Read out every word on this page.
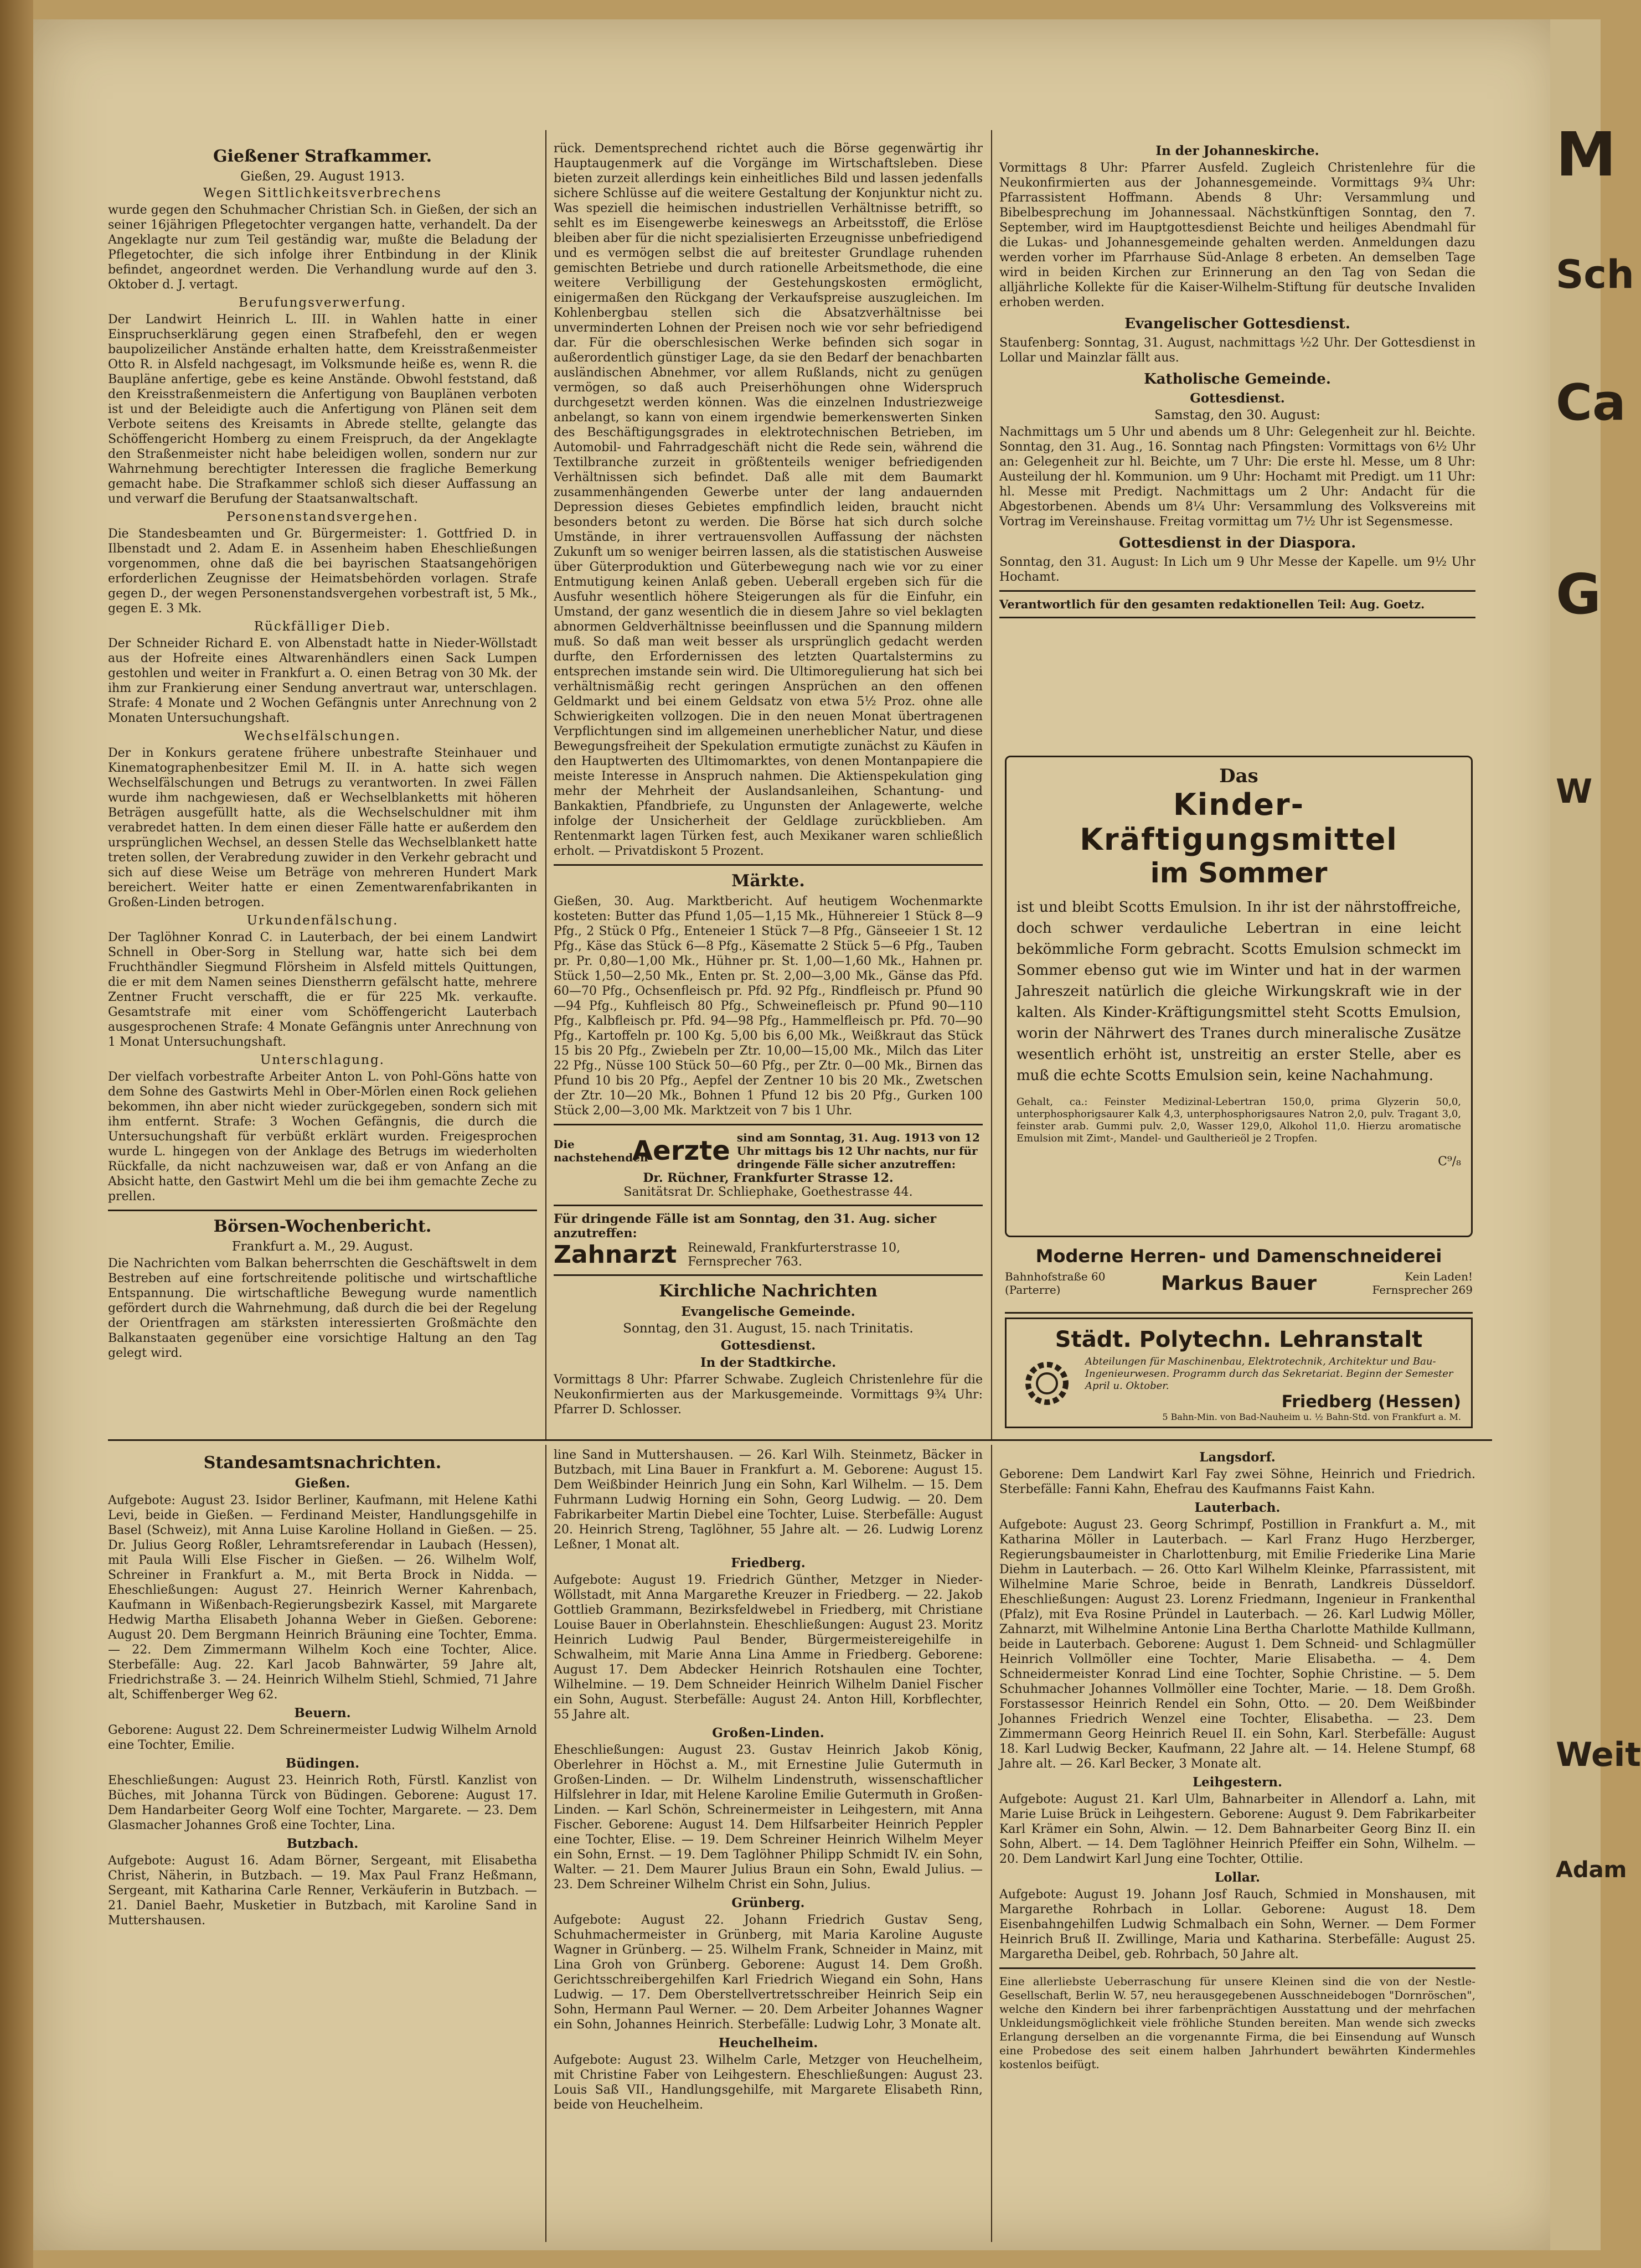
Gießener Strafkammer.
Gießen, 29. August 1913.
Wegen Sittlichkeitsverbrechens

wurde gegen den Schuhmacher Christian Sch. in Gießen, der sich an seiner 16jährigen Pflegetochter vergangen hatte, verhandelt. Da der Angeklagte nur zum Teil geständig war, mußte die Beladung der Pflegetochter, die sich infolge ihrer Entbindung in der Klinik befindet, angeordnet werden. Die Verhandlung wurde auf den 3. Oktober d. J. vertagt.

Berufungsverwerfung.

Der Landwirt Heinrich L. III. in Wahlen hatte in einer Einspruchserklärung gegen einen Strafbefehl, den er wegen baupolizeilicher Anstände erhalten hatte, dem Kreisstraßenmeister Otto R. in Alsfeld nachgesagt, im Volksmunde heiße es, wenn R. die Baupläne anfertige, gebe es keine Anstände. Obwohl feststand, daß den Kreisstraßenmeistern die Anfertigung von Bauplänen verboten ist und der Beleidigte auch die Anfertigung von Plänen seit dem Verbote seitens des Kreisamts in Abrede stellte, gelangte das Schöffengericht Homberg zu einem Freispruch, da der Angeklagte den Straßenmeister nicht habe beleidigen wollen, sondern nur zur Wahrnehmung berechtigter Interessen die fragliche Bemerkung gemacht habe. Die Strafkammer schloß sich dieser Auffassung an und verwarf die Berufung der Staatsanwaltschaft.

Personenstandsvergehen.

Die Standesbeamten und Gr. Bürgermeister: 1. Gottfried D. in Ilbenstadt und 2. Adam E. in Assenheim haben Eheschließungen vorgenommen, ohne daß die bei bayrischen Staatsangehörigen erforderlichen Zeugnisse der Heimatsbehörden vorlagen. Strafe gegen D., der wegen Personenstandsvergehen vorbestraft ist, 5 Mk., gegen E. 3 Mk.

Rückfälliger Dieb.

Der Schneider Richard E. von Albenstadt hatte in Nieder-Wöllstadt aus der Hofreite eines Altwarenhändlers einen Sack Lumpen gestohlen und weiter in Frankfurt a. O. einen Betrag von 30 Mk. der ihm zur Frankierung einer Sendung anvertraut war, unterschlagen. Strafe: 4 Monate und 2 Wochen Gefängnis unter Anrechnung von 2 Monaten Untersuchungshaft.

Wechselfälschungen.

Der in Konkurs geratene frühere unbestrafte Steinhauer und Kinematographenbesitzer Emil M. II. in A. hatte sich wegen Wechselfälschungen und Betrugs zu verantworten. In zwei Fällen wurde ihm nachgewiesen, daß er Wechselblanketts mit höheren Beträgen ausgefüllt hatte, als die Wechselschuldner mit ihm verabredet hatten. In dem einen dieser Fälle hatte er außerdem den ursprünglichen Wechsel, an dessen Stelle das Wechselblankett hatte treten sollen, der Verabredung zuwider in den Verkehr gebracht und sich auf diese Weise um Beträge von mehreren Hundert Mark bereichert. Weiter hatte er einen Zementwarenfabrikanten in Großen-Linden betrogen.

Urkundenfälschung.

Der Taglöhner Konrad C. in Lauterbach, der bei einem Landwirt Schnell in Ober-Sorg in Stellung war, hatte sich bei dem Fruchthändler Siegmund Flörsheim in Alsfeld mittels Quittungen, die er mit dem Namen seines Dienstherrn gefälscht hatte, mehrere Zentner Frucht verschafft, die er für 225 Mk. verkaufte. Gesamtstrafe mit einer vom Schöffengericht Lauterbach ausgesprochenen Strafe: 4 Monate Gefängnis unter Anrechnung von 1 Monat Untersuchungshaft.

Unterschlagung.

Der vielfach vorbestrafte Arbeiter Anton L. von Pohl-Göns hatte von dem Sohne des Gastwirts Mehl in Ober-Mörlen einen Rock geliehen bekommen, ihn aber nicht wieder zurückgegeben, sondern sich mit ihm entfernt. Strafe: 3 Wochen Gefängnis, die durch die Untersuchungshaft für verbüßt erklärt wurden. Freigesprochen wurde L. hingegen von der Anklage des Betrugs im wiederholten Rückfalle, da nicht nachzuweisen war, daß er von Anfang an die Absicht hatte, den Gastwirt Mehl um die bei ihm gemachte Zeche zu prellen.

Börsen-Wochenbericht.
Frankfurt a. M., 29. August.

Die Nachrichten vom Balkan beherrschten die Geschäftswelt in dem Bestreben auf eine fortschreitende politische und wirtschaftliche Entspannung. Die wirtschaftliche Bewegung wurde namentlich gefördert durch die Wahrnehmung, daß durch die bei der Regelung der Orientfragen am stärksten interessierten Großmächte den Balkanstaaten gegenüber eine vorsichtige Haltung an den Tag gelegt wird.

rück. Dementsprechend richtet auch die Börse gegenwärtig ihr Hauptaugenmerk auf die Vorgänge im Wirtschaftsleben. Diese bieten zurzeit allerdings kein einheitliches Bild und lassen jedenfalls sichere Schlüsse auf die weitere Gestaltung der Konjunktur nicht zu. Was speziell die heimischen industriellen Verhältnisse betrifft, so sehlt es im Eisengewerbe keineswegs an Arbeitsstoff, die Erlöse bleiben aber für die nicht spezialisierten Erzeugnisse unbefriedigend und es vermögen selbst die auf breitester Grundlage ruhenden gemischten Betriebe und durch rationelle Arbeitsmethode, die eine weitere Verbilligung der Gestehungskosten ermöglicht, einigermaßen den Rückgang der Verkaufspreise auszugleichen. Im Kohlenbergbau stellen sich die Absatzverhältnisse bei unverminderten Lohnen der Preisen noch wie vor sehr befriedigend dar. Für die oberschlesischen Werke befinden sich sogar in außerordentlich günstiger Lage, da sie den Bedarf der benachbarten ausländischen Abnehmer, vor allem Rußlands, nicht zu genügen vermögen, so daß auch Preiserhöhungen ohne Widerspruch durchgesetzt werden können. Was die einzelnen Industriezweige anbelangt, so kann von einem irgendwie bemerkenswerten Sinken des Beschäftigungsgrades in elektrotechnischen Betrieben, im Automobil- und Fahrradgeschäft nicht die Rede sein, während die Textilbranche zurzeit in größtenteils weniger befriedigenden Verhältnissen sich befindet. Daß alle mit dem Baumarkt zusammenhängenden Gewerbe unter der lang andauernden Depression dieses Gebietes empfindlich leiden, braucht nicht besonders betont zu werden. Die Börse hat sich durch solche Umstände, in ihrer vertrauensvollen Auffassung der nächsten Zukunft um so weniger beirren lassen, als die statistischen Ausweise über Güterproduktion und Güterbewegung nach wie vor zu einer Entmutigung keinen Anlaß geben. Ueberall ergeben sich für die Ausfuhr wesentlich höhere Steigerungen als für die Einfuhr, ein Umstand, der ganz wesentlich die in diesem Jahre so viel beklagten abnormen Geldverhältnisse beeinflussen und die Spannung mildern muß. So daß man weit besser als ursprünglich gedacht werden durfte, den Erfordernissen des letzten Quartalstermins zu entsprechen imstande sein wird. Die Ultimoregulierung hat sich bei verhältnismäßig recht geringen Ansprüchen an den offenen Geldmarkt und bei einem Geldsatz von etwa 5½ Proz. ohne alle Schwierigkeiten vollzogen. Die in den neuen Monat übertragenen Verpflichtungen sind im allgemeinen unerheblicher Natur, und diese Bewegungsfreiheit der Spekulation ermutigte zunächst zu Käufen in den Hauptwerten des Ultimomarktes, von denen Montanpapiere die meiste Interesse in Anspruch nahmen. Die Aktienspekulation ging mehr der Mehrheit der Auslandsanleihen, Schantung- und Bankaktien, Pfandbriefe, zu Ungunsten der Anlagewerte, welche infolge der Unsicherheit der Geldlage zurückblieben. Am Rentenmarkt lagen Türken fest, auch Mexikaner waren schließlich erholt. — Privatdiskont 5 Prozent.

Märkte.

Gießen, 30. Aug. Marktbericht. Auf heutigem Wochenmarkte kosteten: Butter das Pfund 1,05—1,15 Mk., Hühnereier 1 Stück 8—9 Pfg., 2 Stück 0 Pfg., Enteneier 1 Stück 7—8 Pfg., Gänseeier 1 St. 12 Pfg., Käse das Stück 6—8 Pfg., Käsematte 2 Stück 5—6 Pfg., Tauben pr. Pr. 0,80—1,00 Mk., Hühner pr. St. 1,00—1,60 Mk., Hahnen pr. Stück 1,50—2,50 Mk., Enten pr. St. 2,00—3,00 Mk., Gänse das Pfd. 60—70 Pfg., Ochsenfleisch pr. Pfd. 92 Pfg., Rindfleisch pr. Pfund 90—94 Pfg., Kuhfleisch 80 Pfg., Schweinefleisch pr. Pfund 90—110 Pfg., Kalbfleisch pr. Pfd. 94—98 Pfg., Hammelfleisch pr. Pfd. 70—90 Pfg., Kartoffeln pr. 100 Kg. 5,00 bis 6,00 Mk., Weißkraut das Stück 15 bis 20 Pfg., Zwiebeln per Ztr. 10,00—15,00 Mk., Milch das Liter 22 Pfg., Nüsse 100 Stück 50—60 Pfg., per Ztr. 0—00 Mk., Birnen das Pfund 10 bis 20 Pfg., Aepfel der Zentner 10 bis 20 Mk., Zwetschen der Ztr. 10—20 Mk., Bohnen 1 Pfund 12 bis 20 Pfg., Gurken 100 Stück 2,00—3,00 Mk. Marktzeit von 7 bis 1 Uhr.

Die nachstehenden
Aerzte sind am Sonntag, 31. Aug. 1913 von 12 Uhr mittags bis 12 Uhr nachts, nur für dringende Fälle sicher anzutreffen:
Dr. Rüchner, Frankfurter Strasse 12.
Sanitätsrat Dr. Schliephake, Goethestrasse 44.
Für dringende Fälle ist am Sonntag, den 31. Aug. sicher anzutreffen:
Zahnarzt Reinewald, Frankfurterstrasse 10, Fernsprecher 763.
Kirchliche Nachrichten
Evangelische Gemeinde.
Sonntag, den 31. August, 15. nach Trinitatis.
Gottesdienst.
In der Stadtkirche.

Vormittags 8 Uhr: Pfarrer Schwabe. Zugleich Christenlehre für die Neukonfirmierten aus der Markusgemeinde. Vormittags 9¾ Uhr: Pfarrer D. Schlosser.

In der Johanneskirche.

Vormittags 8 Uhr: Pfarrer Ausfeld. Zugleich Christenlehre für die Neukonfirmierten aus der Johannesgemeinde. Vormittags 9¾ Uhr: Pfarrassistent Hoffmann. Abends 8 Uhr: Versammlung und Bibelbesprechung im Johannessaal. Nächstkünftigen Sonntag, den 7. September, wird im Hauptgottesdienst Beichte und heiliges Abendmahl für die Lukas- und Johannesgemeinde gehalten werden. Anmeldungen dazu werden vorher im Pfarrhause Süd-Anlage 8 erbeten. An demselben Tage wird in beiden Kirchen zur Erinnerung an den Tag von Sedan die alljährliche Kollekte für die Kaiser-Wilhelm-Stiftung für deutsche Invaliden erhoben werden.

Evangelischer Gottesdienst.

Staufenberg: Sonntag, 31. August, nachmittags ½2 Uhr. Der Gottesdienst in Lollar und Mainzlar fällt aus.

Katholische Gemeinde.
Gottesdienst.
Samstag, den 30. August:

Nachmittags um 5 Uhr und abends um 8 Uhr: Gelegenheit zur hl. Beichte. Sonntag, den 31. Aug., 16. Sonntag nach Pfingsten: Vormittags von 6½ Uhr an: Gelegenheit zur hl. Beichte, um 7 Uhr: Die erste hl. Messe, um 8 Uhr: Austeilung der hl. Kommunion. um 9 Uhr: Hochamt mit Predigt. um 11 Uhr: hl. Messe mit Predigt. Nachmittags um 2 Uhr: Andacht für die Abgestorbenen. Abends um 8¼ Uhr: Versammlung des Volksvereins mit Vortrag im Vereinshause. Freitag vormittag um 7½ Uhr ist Segensmesse.

Gottesdienst in der Diaspora.

Sonntag, den 31. August: In Lich um 9 Uhr Messe der Kapelle. um 9½ Uhr Hochamt.

Verantwortlich für den gesamten redaktionellen Teil: Aug. Goetz.
Das
Kinder-Kräftigungsmittel
im Sommer

ist und bleibt Scotts Emulsion. In ihr ist der nährstoffreiche, doch schwer verdauliche Lebertran in eine leicht bekömmliche Form gebracht. Scotts Emulsion schmeckt im Sommer ebenso gut wie im Winter und hat in der warmen Jahreszeit natürlich die gleiche Wirkungskraft wie in der kalten. Als Kinder-Kräftigungsmittel steht Scotts Emulsion, worin der Nährwert des Tranes durch mineralische Zusätze wesentlich erhöht ist, unstreitig an erster Stelle, aber es muß die echte Scotts Emulsion sein, keine Nachahmung.

Gehalt, ca.: Feinster Medizinal-Lebertran 150,0, prima Glyzerin 50,0, unterphosphorigsaurer Kalk 4,3, unterphosphorigsaures Natron 2,0, pulv. Tragant 3,0, feinster arab. Gummi pulv. 2,0, Wasser 129,0, Alkohol 11,0. Hierzu aromatische Emulsion mit Zimt-, Mandel- und Gaultherieöl je 2 Tropfen.

C⁹/₈
Moderne Herren- und Damenschneiderei
Bahnhofstraße 60 (Parterre)	Markus Bauer	Kein Laden! Fernsprecher 269
Städt. Polytechn. Lehranstalt
Abteilungen für Maschinenbau, Elektrotechnik, Architektur und Bau-Ingenieurwesen. Programm durch das Sekretariat. Beginn der Semester April u. Oktober.
Friedberg (Hessen)
5 Bahn-Min. von Bad-Nauheim u. ½ Bahn-Std. von Frankfurt a. M.
Standesamtsnachrichten.
Gießen.

Aufgebote: August 23. Isidor Berliner, Kaufmann, mit Helene Kathi Levi, beide in Gießen. — Ferdinand Meister, Handlungsgehilfe in Basel (Schweiz), mit Anna Luise Karoline Holland in Gießen. — 25. Dr. Julius Georg Roßler, Lehramtsreferendar in Laubach (Hessen), mit Paula Willi Else Fischer in Gießen. — 26. Wilhelm Wolf, Schreiner in Frankfurt a. M., mit Berta Brock in Nidda. — Eheschließungen: August 27. Heinrich Werner Kahrenbach, Kaufmann in Wißenbach-Regierungsbezirk Kassel, mit Margarete Hedwig Martha Elisabeth Johanna Weber in Gießen. Geborene: August 20. Dem Bergmann Heinrich Bräuning eine Tochter, Emma. — 22. Dem Zimmermann Wilhelm Koch eine Tochter, Alice. Sterbefälle: Aug. 22. Karl Jacob Bahnwärter, 59 Jahre alt, Friedrichstraße 3. — 24. Heinrich Wilhelm Stiehl, Schmied, 71 Jahre alt, Schiffenberger Weg 62.

Beuern.

Geborene: August 22. Dem Schreinermeister Ludwig Wilhelm Arnold eine Tochter, Emilie.

Büdingen.

Eheschließungen: August 23. Heinrich Roth, Fürstl. Kanzlist von Büches, mit Johanna Türck von Büdingen. Geborene: August 17. Dem Handarbeiter Georg Wolf eine Tochter, Margarete. — 23. Dem Glasmacher Johannes Groß eine Tochter, Lina.

Butzbach.

Aufgebote: August 16. Adam Börner, Sergeant, mit Elisabetha Christ, Näherin, in Butzbach. — 19. Max Paul Franz Heßmann, Sergeant, mit Katharina Carle Renner, Verkäuferin in Butzbach. — 21. Daniel Baehr, Musketier in Butzbach, mit Karoline Sand in Muttershausen.

line Sand in Muttershausen. — 26. Karl Wilh. Steinmetz, Bäcker in Butzbach, mit Lina Bauer in Frankfurt a. M. Geborene: August 15. Dem Weißbinder Heinrich Jung ein Sohn, Karl Wilhelm. — 15. Dem Fuhrmann Ludwig Horning ein Sohn, Georg Ludwig. — 20. Dem Fabrikarbeiter Martin Diebel eine Tochter, Luise. Sterbefälle: August 20. Heinrich Streng, Taglöhner, 55 Jahre alt. — 26. Ludwig Lorenz Leßner, 1 Monat alt.

Friedberg.

Aufgebote: August 19. Friedrich Günther, Metzger in Nieder-Wöllstadt, mit Anna Margarethe Kreuzer in Friedberg. — 22. Jakob Gottlieb Grammann, Bezirksfeldwebel in Friedberg, mit Christiane Louise Bauer in Oberlahnstein. Eheschließungen: August 23. Moritz Heinrich Ludwig Paul Bender, Bürgermeistereigehilfe in Schwalheim, mit Marie Anna Lina Amme in Friedberg. Geborene: August 17. Dem Abdecker Heinrich Rotshaulen eine Tochter, Wilhelmine. — 19. Dem Schneider Heinrich Wilhelm Daniel Fischer ein Sohn, August. Sterbefälle: August 24. Anton Hill, Korbflechter, 55 Jahre alt.

Großen-Linden.

Eheschließungen: August 23. Gustav Heinrich Jakob König, Oberlehrer in Höchst a. M., mit Ernestine Julie Gutermuth in Großen-Linden. — Dr. Wilhelm Lindenstruth, wissenschaftlicher Hilfslehrer in Idar, mit Helene Karoline Emilie Gutermuth in Großen-Linden. — Karl Schön, Schreinermeister in Leihgestern, mit Anna Fischer. Geborene: August 14. Dem Hilfsarbeiter Heinrich Peppler eine Tochter, Elise. — 19. Dem Schreiner Heinrich Wilhelm Meyer ein Sohn, Ernst. — 19. Dem Taglöhner Philipp Schmidt IV. ein Sohn, Walter. — 21. Dem Maurer Julius Braun ein Sohn, Ewald Julius. — 23. Dem Schreiner Wilhelm Christ ein Sohn, Julius.

Grünberg.

Aufgebote: August 22. Johann Friedrich Gustav Seng, Schuhmachermeister in Grünberg, mit Maria Karoline Auguste Wagner in Grünberg. — 25. Wilhelm Frank, Schneider in Mainz, mit Lina Groh von Grünberg. Geborene: August 14. Dem Großh. Gerichtsschreibergehilfen Karl Friedrich Wiegand ein Sohn, Hans Ludwig. — 17. Dem Oberstellvertretsschreiber Heinrich Seip ein Sohn, Hermann Paul Werner. — 20. Dem Arbeiter Johannes Wagner ein Sohn, Johannes Heinrich. Sterbefälle: Ludwig Lohr, 3 Monate alt.

Heuchelheim.

Aufgebote: August 23. Wilhelm Carle, Metzger von Heuchelheim, mit Christine Faber von Leihgestern. Eheschließungen: August 23. Louis Saß VII., Handlungsgehilfe, mit Margarete Elisabeth Rinn, beide von Heuchelheim.

Langsdorf.

Geborene: Dem Landwirt Karl Fay zwei Söhne, Heinrich und Friedrich. Sterbefälle: Fanni Kahn, Ehefrau des Kaufmanns Faist Kahn.

Lauterbach.

Aufgebote: August 23. Georg Schrimpf, Postillion in Frankfurt a. M., mit Katharina Möller in Lauterbach. — Karl Franz Hugo Herzberger, Regierungsbaumeister in Charlottenburg, mit Emilie Friederike Lina Marie Diehm in Lauterbach. — 26. Otto Karl Wilhelm Kleinke, Pfarrassistent, mit Wilhelmine Marie Schroe, beide in Benrath, Landkreis Düsseldorf. Eheschließungen: August 23. Lorenz Friedmann, Ingenieur in Frankenthal (Pfalz), mit Eva Rosine Pründel in Lauterbach. — 26. Karl Ludwig Möller, Zahnarzt, mit Wilhelmine Antonie Lina Bertha Charlotte Mathilde Kullmann, beide in Lauterbach. Geborene: August 1. Dem Schneid- und Schlagmüller Heinrich Vollmöller eine Tochter, Marie Elisabetha. — 4. Dem Schneidermeister Konrad Lind eine Tochter, Sophie Christine. — 5. Dem Schuhmacher Johannes Vollmöller eine Tochter, Marie. — 18. Dem Großh. Forstassessor Heinrich Rendel ein Sohn, Otto. — 20. Dem Weißbinder Johannes Friedrich Wenzel eine Tochter, Elisabetha. — 23. Dem Zimmermann Georg Heinrich Reuel II. ein Sohn, Karl. Sterbefälle: August 18. Karl Ludwig Becker, Kaufmann, 22 Jahre alt. — 14. Helene Stumpf, 68 Jahre alt. — 26. Karl Becker, 3 Monate alt.

Leihgestern.

Aufgebote: August 21. Karl Ulm, Bahnarbeiter in Allendorf a. Lahn, mit Marie Luise Brück in Leihgestern. Geborene: August 9. Dem Fabrikarbeiter Karl Krämer ein Sohn, Alwin. — 12. Dem Bahnarbeiter Georg Binz II. ein Sohn, Albert. — 14. Dem Taglöhner Heinrich Pfeiffer ein Sohn, Wilhelm. — 20. Dem Landwirt Karl Jung eine Tochter, Ottilie.

Lollar.

Aufgebote: August 19. Johann Josf Rauch, Schmied in Monshausen, mit Margarethe Rohrbach in Lollar. Geborene: August 18. Dem Eisenbahngehilfen Ludwig Schmalbach ein Sohn, Werner. — Dem Former Heinrich Bruß II. Zwillinge, Maria und Katharina. Sterbefälle: August 25. Margaretha Deibel, geb. Rohrbach, 50 Jahre alt.

Eine allerliebste Ueberraschung für unsere Kleinen sind die von der Nestle-Gesellschaft, Berlin W. 57, neu herausgegebenen Ausschneidebogen "Dornröschen", welche den Kindern bei ihrer farbenprächtigen Ausstattung und der mehrfachen Unkleidungsmöglichkeit viele fröhliche Stunden bereiten. Man wende sich zwecks Erlangung derselben an die vorgenannte Firma, die bei Einsendung auf Wunsch eine Probedose des seit einem halben Jahrhundert bewährten Kindermehles kostenlos beifügt.

M
Sch
Ca
G
W
Weit
Adam
